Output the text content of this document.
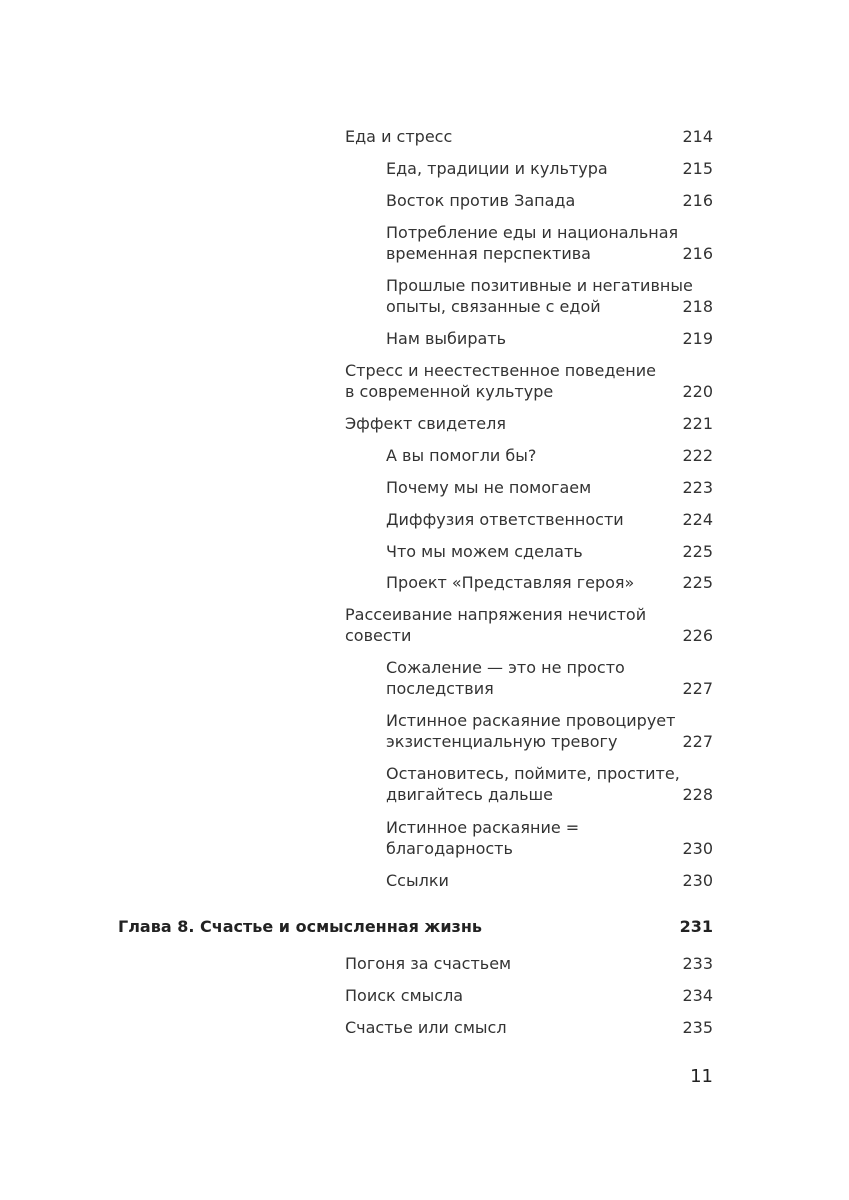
Еда и стресс	214
Еда, традиции и культура	215
Восток против Запада	216
Потребление еды и национальная
временная перспектива	216
Прошлые позитивные и негативные
опыты, связанные с едой	218
Нам выбирать	219
Стресс и неестественное поведение
в современной культуре	220
Эффект свидетеля	221
А вы помогли бы?	222
Почему мы не помогаем	223
Диффузия ответственности	224
Что мы можем сделать	225
Проект «Представляя героя»	225
Рассеивание напряжения нечистой
совести	226
Сожаление — это не просто
последствия	227
Истинное раскаяние провоцирует
экзистенциальную тревогу	227
Остановитесь, поймите, простите,
двигайтесь дальше	228
Истинное раскаяние =
благодарность	230
Ссылки	230
Глава 8. Счастье и осмысленная жизнь	231
Погоня за счастьем	233
Поиск смысла	234
Счастье или смысл	235
11
